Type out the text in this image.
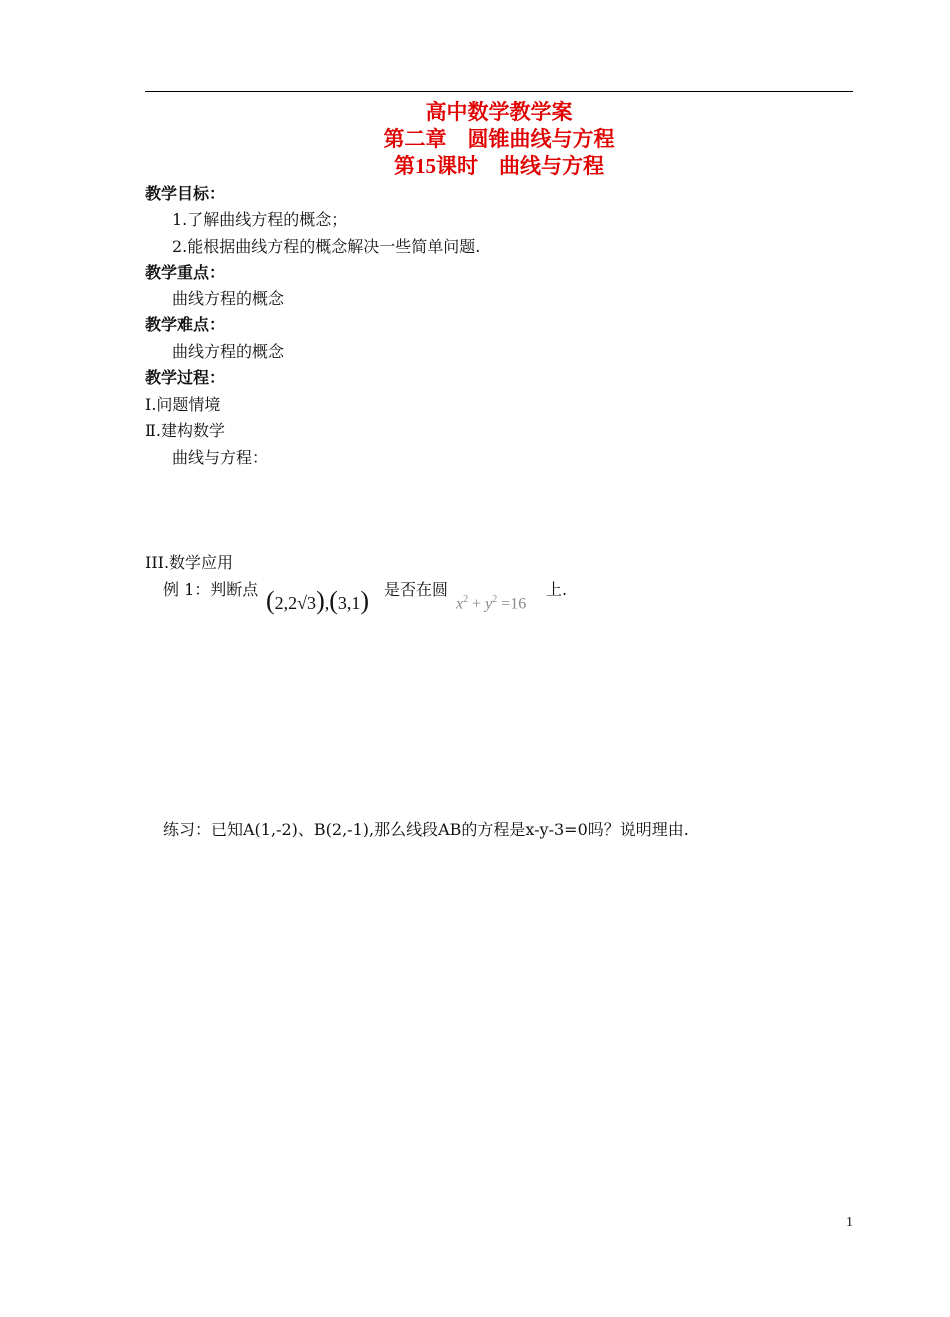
高中数学教学案
第二章　圆锥曲线与方程
第15课时　曲线与方程
教学目标：
1.了解曲线方程的概念；
2.能根据曲线方程的概念解决一些简单问题.
教学重点：
曲线方程的概念
教学难点：
曲线方程的概念
教学过程：
Ⅰ.问题情境
Ⅱ.建构数学
曲线与方程：
III.数学应用
例 1：判断点 (2,2√3),(3,1) 是否在圆
$x^2 + y^2 =16$
上.
练习：已知A(1,-2)、B(2,-1),那么线段AB的方程是x-y-3=0吗？说明理由.
1
